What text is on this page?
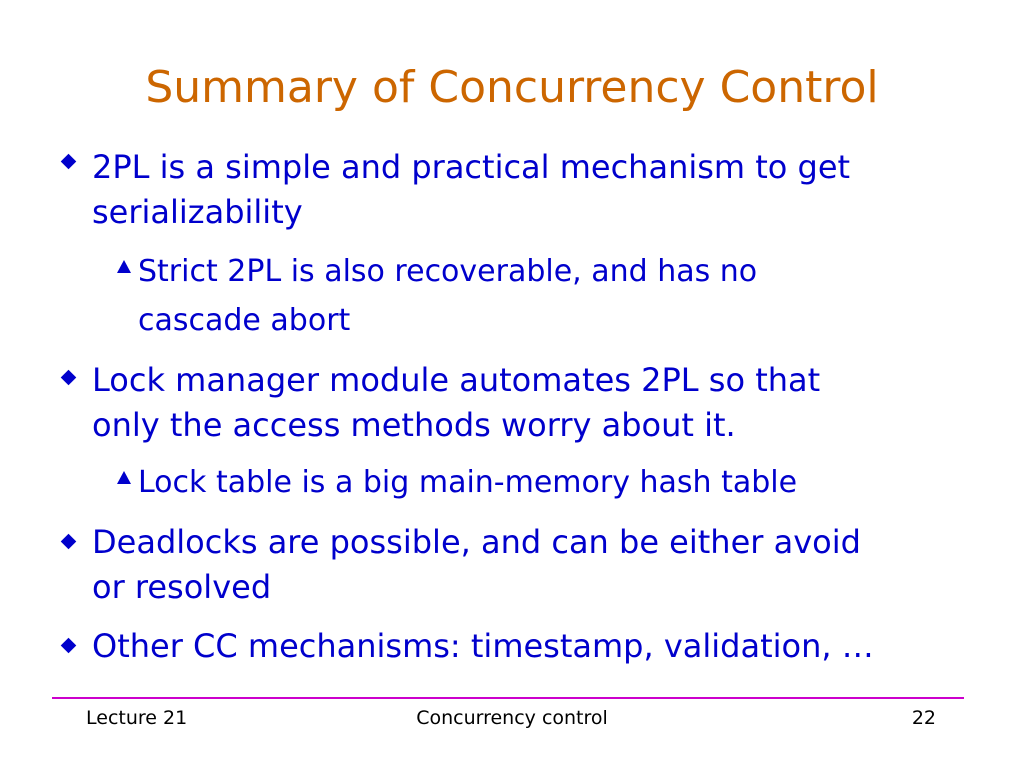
Summary of Concurrency Control
2PL is a simple and practical mechanism to get
serializability
Strict 2PL is also recoverable, and has no
cascade abort
Lock manager module automates 2PL so that
only the access methods worry about it.
Lock table is a big main-memory hash table
Deadlocks are possible, and can be either avoid
or resolved
Other CC mechanisms: timestamp, validation, …
Lecture 21	Concurrency control	22
